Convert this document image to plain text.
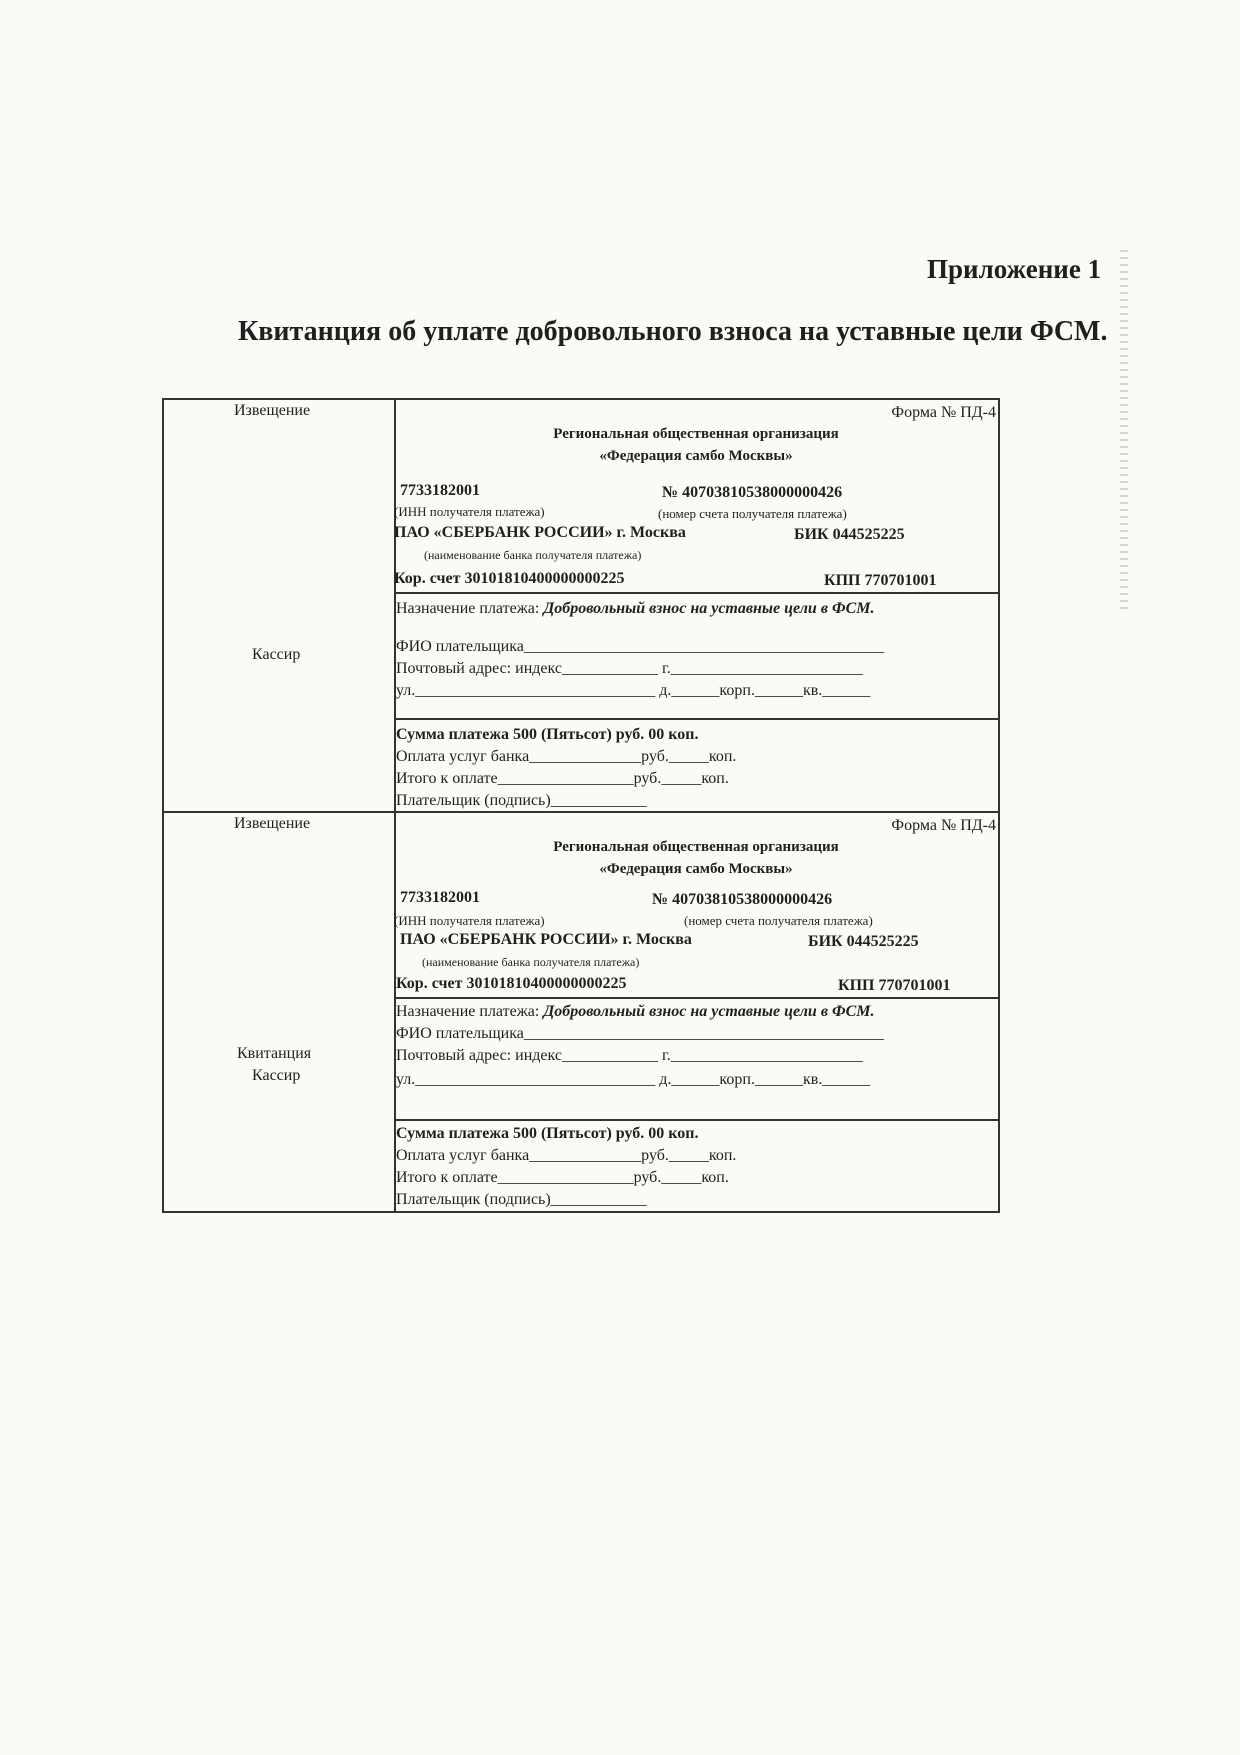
Приложение 1
Квитанция об уплате добровольного взноса на уставные цели ФСМ.
Извещение
Кассир
Форма № ПД-4
Региональная общественная организация
«Федерация самбо Москвы»
7733182001	№ 40703810538000000426
(ИНН получателя платежа)	(номер счета получателя платежа)
ПАО «СБЕРБАНК РОССИИ» г. Москва	БИК 044525225
(наименование банка получателя платежа)
Кор. счет 30101810400000000225	КПП 770701001
Назначение платежа: Добровольный взнос на уставные цели в ФСМ.
ФИО плательщика_____________________________________________
Почтовый адрес: индекс____________ г.________________________
ул.______________________________ д.______корп.______кв.______
Сумма платежа 500 (Пятьсот) руб. 00 коп.
Оплата услуг банка______________руб._____коп.
Итого к оплате_________________руб._____коп.
Плательщик (подпись)____________
Извещение
Квитанция
Кассир
Форма № ПД-4
Региональная общественная организация
«Федерация самбо Москвы»
7733182001	№ 40703810538000000426
(ИНН получателя платежа)	(номер счета получателя платежа)
ПАО «СБЕРБАНК РОССИИ» г. Москва	БИК 044525225
(наименование банка получателя платежа)
Кор. счет 30101810400000000225	КПП 770701001
Назначение платежа: Добровольный взнос на уставные цели в ФСМ.
ФИО плательщика_____________________________________________
Почтовый адрес: индекс____________ г.________________________
ул.______________________________ д.______корп.______кв.______
Сумма платежа 500 (Пятьсот) руб. 00 коп.
Оплата услуг банка______________руб._____коп.
Итого к оплате_________________руб._____коп.
Плательщик (подпись)____________
